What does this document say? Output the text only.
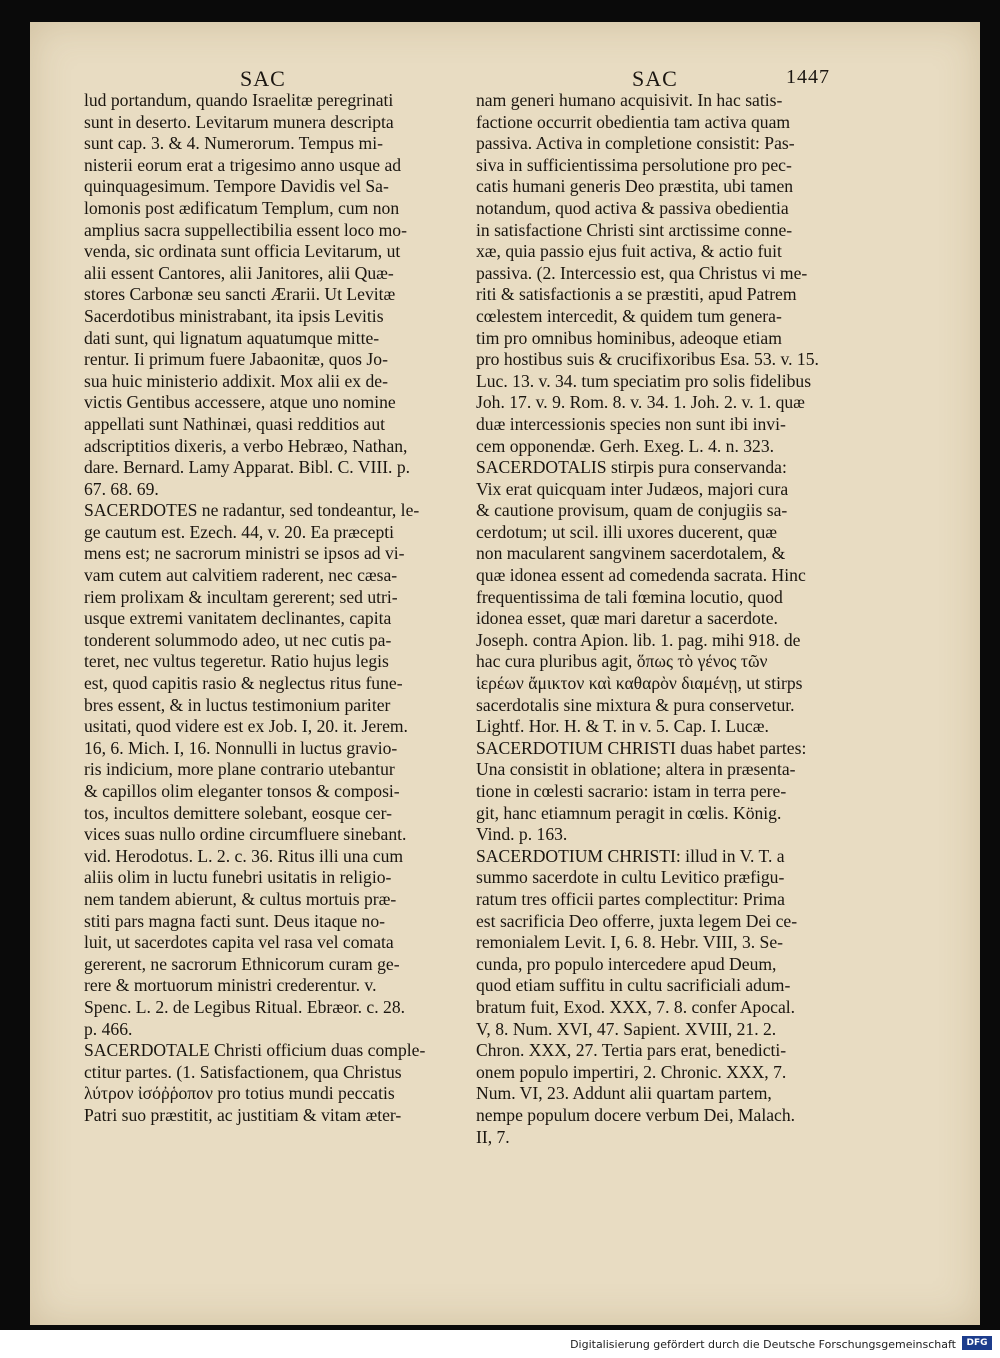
SAC	SAC	1447

lud portandum, quando Israelitæ peregrinati

sunt in deserto. Levitarum munera descripta

sunt cap. 3. & 4. Numerorum. Tempus mi-

nisterii eorum erat a trigesimo anno usque ad

quinquagesimum. Tempore Davidis vel Sa-

lomonis post ædificatum Templum, cum non

amplius sacra suppellectibilia essent loco mo-

venda, sic ordinata sunt officia Levitarum, ut

alii essent Cantores, alii Janitores, alii Quæ-

stores Carbonæ seu sancti Ærarii. Ut Levitæ

Sacerdotibus ministrabant, ita ipsis Levitis

dati sunt, qui lignatum aquatumque mitte-

rentur. Ii primum fuere Jabaonitæ, quos Jo-

sua huic ministerio addixit. Mox alii ex de-

victis Gentibus accessere, atque uno nomine

appellati sunt Nathinæi, quasi redditios aut

adscriptitios dixeris, a verbo Hebræo, Nathan,

dare. Bernard. Lamy Apparat. Bibl. C. VIII. p.

67. 68. 69.

SACERDOTES ne radantur, sed tondeantur, le-

ge cautum est. Ezech. 44, v. 20. Ea præcepti

mens est; ne sacrorum ministri se ipsos ad vi-

vam cutem aut calvitiem raderent, nec cæsa-

riem prolixam & incultam gererent; sed utri-

usque extremi vanitatem declinantes, capita

tonderent solummodo adeo, ut nec cutis pa-

teret, nec vultus tegeretur. Ratio hujus legis

est, quod capitis rasio & neglectus ritus fune-

bres essent, & in luctus testimonium pariter

usitati, quod videre est ex Job. I, 20. it. Jerem.

16, 6. Mich. I, 16. Nonnulli in luctus gravio-

ris indicium, more plane contrario utebantur

& capillos olim eleganter tonsos & composi-

tos, incultos demittere solebant, eosque cer-

vices suas nullo ordine circumfluere sinebant.

vid. Herodotus. L. 2. c. 36. Ritus illi una cum

aliis olim in luctu funebri usitatis in religio-

nem tandem abierunt, & cultus mortuis præ-

stiti pars magna facti sunt. Deus itaque no-

luit, ut sacerdotes capita vel rasa vel comata

gererent, ne sacrorum Ethnicorum curam ge-

rere & mortuorum ministri crederentur. v.

Spenc. L. 2. de Legibus Ritual. Ebræor. c. 28.

p. 466.

SACERDOTALE Christi officium duas comple-

ctitur partes. (1. Satisfactionem, qua Christus

λύτρον ἰσόῤῥοπον pro totius mundi peccatis

Patri suo præstitit, ac justitiam & vitam æter-

nam generi humano acquisivit. In hac satis-

factione occurrit obedientia tam activa quam

passiva. Activa in completione consistit: Pas-

siva in sufficientissima persolutione pro pec-

catis humani generis Deo præstita, ubi tamen

notandum, quod activa & passiva obedientia

in satisfactione Christi sint arctissime conne-

xæ, quia passio ejus fuit activa, & actio fuit

passiva. (2. Intercessio est, qua Christus vi me-

riti & satisfactionis a se præstiti, apud Patrem

cœlestem intercedit, & quidem tum genera-

tim pro omnibus hominibus, adeoque etiam

pro hostibus suis & crucifixoribus Esa. 53. v. 15.

Luc. 13. v. 34. tum speciatim pro solis fidelibus

Joh. 17. v. 9. Rom. 8. v. 34. 1. Joh. 2. v. 1. quæ

duæ intercessionis species non sunt ibi invi-

cem opponendæ. Gerh. Exeg. L. 4. n. 323.

SACERDOTALIS stirpis pura conservanda:

Vix erat quicquam inter Judæos, majori cura

& cautione provisum, quam de conjugiis sa-

cerdotum; ut scil. illi uxores ducerent, quæ

non macularent sangvinem sacerdotalem, &

quæ idonea essent ad comedenda sacrata. Hinc

frequentissima de tali fœmina locutio, quod

idonea esset, quæ mari daretur a sacerdote.

Joseph. contra Apion. lib. 1. pag. mihi 918. de

hac cura pluribus agit, ὅπως τὸ γένος τῶν

ἱερέων ἄμικτον καὶ καθαρὸν διαμένῃ, ut stirps

sacerdotalis sine mixtura & pura conservetur.

Lightf. Hor. H. & T. in v. 5. Cap. I. Lucæ.

SACERDOTIUM CHRISTI duas habet partes:

Una consistit in oblatione; altera in præsenta-

tione in cœlesti sacrario: istam in terra pere-

git, hanc etiamnum peragit in cœlis. König.

Vind. p. 163.

SACERDOTIUM CHRISTI: illud in V. T. a

summo sacerdote in cultu Levitico præfigu-

ratum tres officii partes complectitur: Prima

est sacrificia Deo offerre, juxta legem Dei ce-

remonialem Levit. I, 6. 8. Hebr. VIII, 3. Se-

cunda, pro populo intercedere apud Deum,

quod etiam suffitu in cultu sacrificiali adum-

bratum fuit, Exod. XXX, 7. 8. confer Apocal.

V, 8. Num. XVI, 47. Sapient. XVIII, 21. 2.

Chron. XXX, 27. Tertia pars erat, benedicti-

onem populo impertiri, 2. Chronic. XXX, 7.

Num. VI, 23. Addunt alii quartam partem,

nempe populum docere verbum Dei, Malach.

II, 7.

Digitalisierung gefördert durch die Deutsche Forschungsgemeinschaft	DFG
